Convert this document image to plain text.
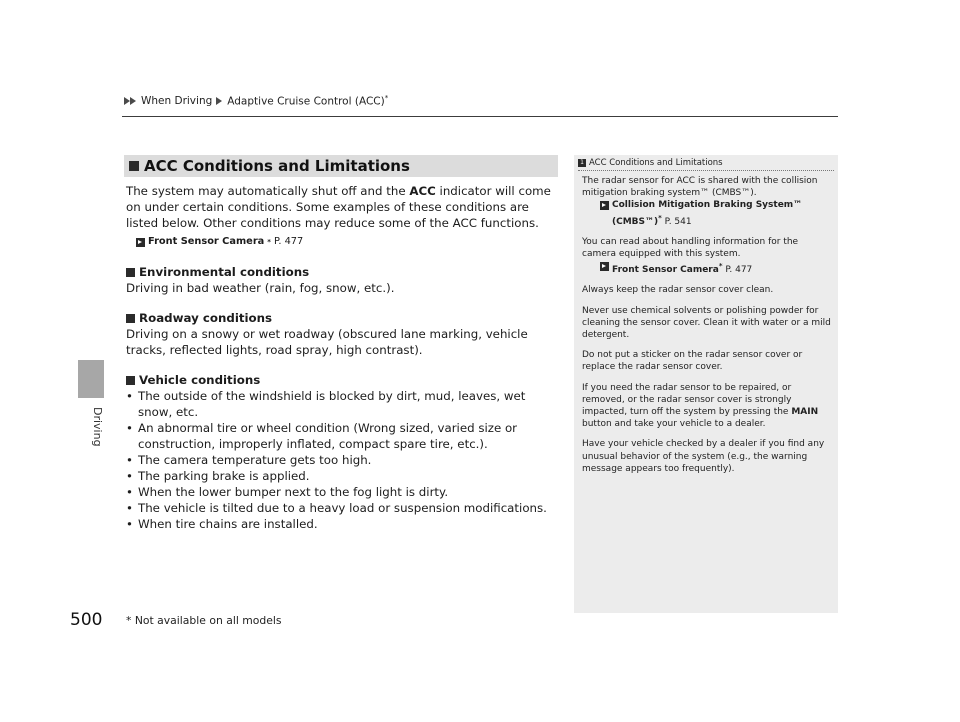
When Driving Adaptive Cruise Control (ACC)*
Driving
ACC Conditions and Limitations

The system may automatically shut off and the ACC indicator will come on under certain conditions. Some examples of these conditions are listed below. Other conditions may reduce some of the ACC functions.

Front Sensor Camera * P. 477

Environmental conditions

Driving in bad weather (rain, fog, snow, etc.).

Roadway conditions

Driving on a snowy or wet roadway (obscured lane marking, vehicle tracks, reflected lights, road spray, high contrast).

Vehicle conditions

• The outside of the windshield is blocked by dirt, mud, leaves, wet snow, etc.
• An abnormal tire or wheel condition (Wrong sized, varied size or construction, improperly inflated, compact spare tire, etc.).
• The camera temperature gets too high.
• The parking brake is applied.
• When the lower bumper next to the fog light is dirty.
• The vehicle is tilted due to a heavy load or suspension modifications.
• When tire chains are installed.
1 ACC Conditions and Limitations

The radar sensor for ACC is shared with the collision mitigation braking system™ (CMBS™).

Collision Mitigation Braking System™ (CMBS™)* P. 541

You can read about handling information for the camera equipped with this system.

Front Sensor Camera* P. 477

Always keep the radar sensor cover clean.

Never use chemical solvents or polishing powder for cleaning the sensor cover. Clean it with water or a mild detergent.

Do not put a sticker on the radar sensor cover or replace the radar sensor cover.

If you need the radar sensor to be repaired, or removed, or the radar sensor cover is strongly impacted, turn off the system by pressing the MAIN button and take your vehicle to a dealer.

Have your vehicle checked by a dealer if you find any unusual behavior of the system (e.g., the warning message appears too frequently).

500 * Not available on all models
